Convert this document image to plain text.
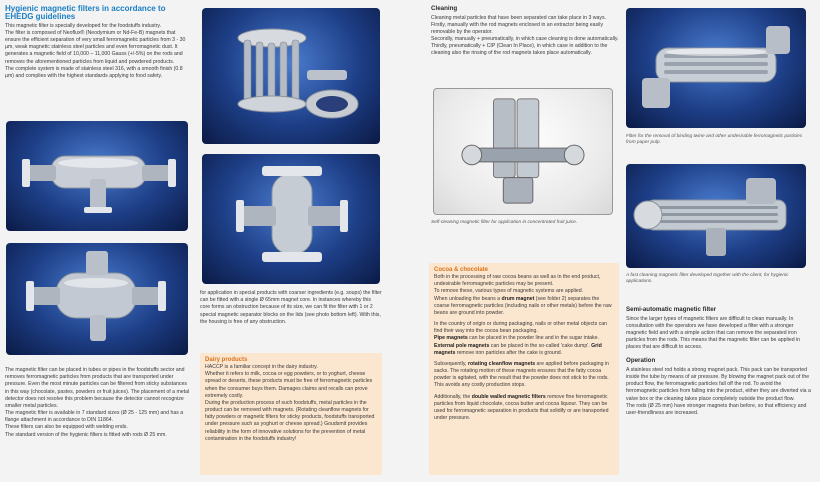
Hygienic magnetic filters in accordance to EHEDG guidelines

This magnetic filter is specially developed for the foodstuffs industry.

The filter is composed of Neoflux® (Neodymium or Nd-Fe-B) magnets that ensure the efficient separation of very small ferromagnetic particles from 3 - 30 µm, weak magnetic stainless steel particles and even ferromagnetic dust. It generates a magnetic field of 10,000 – 11,000 Gauss (+/-5%) on the rods and removes the aforementioned particles from liquid and powdered products.

The complete system is made of stainless steel 316, with a smooth finish (0.8 µm) and complies with the highest standards applying to food safety.

The magnetic filter can be placed in tubes or pipes in the foodstuffs sector and removes ferromagnetic particles from products that are transported under pressure. Even the most minute particles can be filtered from sticky substances in this way (chocolate, pastes, powders or fruit juices). The placement of a metal detector does not resolve this problem because the detector cannot recognize smaller metal particles.

The magnetic filter is available in 7 standard sizes (Ø 25 - 125 mm) and has a flange attachment in accordance to DIN 11864.

These filters can also be equipped with welding ends.

The standard version of the hygienic filters is fitted with rods Ø 25 mm.

for application in special products with coarser ingredients (e.g. soups) the filter can be fitted with a single Ø 65mm magnet core. In instances whereby this core forms an obstruction because of its size, we can fit the filter with 1 or 2 special magnetic separator blocks on the lids (see photo bottom left). With this, the housing is free of any obstruction.

Dairy products

HACCP is a familiar concept in the dairy industry.

Whether it refers to milk, cocoa or egg powders, or to yoghurt, cheese spread or deserts, these products must be free of ferromagnetic particles when the consumer buys them. Damages claims and recalls can prove extremely costly.

During the production process of such foodstuffs, metal particles in the product can be removed with magnets. (Rotating cleanflow magnets for fatty powders or magnetic filters for sticky products, foodstuffs transported under pressure such as yoghurt or cheese spread.) Goudsmit provides reliability in the form of innovative solutions for the prevention of metal contamination in the foodstuffs industry!

Cleaning

Cleaning metal particles that have been separated can take place in 3 ways. Firstly, manually with the rod magnets enclosed in an extractor being easily removable by the operator.

Secondly, manually + pneumatically, in which case cleaning is done automatically. Thirdly, pneumatically + CIP (Clean In Place), in which case in addition to the cleaning also the rinsing of the rod magnets takes place automatically.

Self-cleaning magnetic filter for application in concentrated fruit juice.
Cocoa & chocolate

Both in the processing of raw cocoa beans as well as in the end product, undesirable ferromagnetic particles may be present.

To remove these, various types of magnetic systems are applied.

When unloading the beans a drum magnet (see folder 2) separates the coarse ferromagnetic particles (including nails or other metals) before the raw beans are ground into powder.

In the country of origin or during packaging, nails or other metal objects can find their way into the cocoa bean packaging.

Pipe magnets can be placed in the powder line and in the sugar intake. External pole magnets can be placed in the so-called 'cake dump'. Grid magnets remove iron particles after the cake is ground.

Subsequently, rotating cleanflow magnets are applied before packaging in sacks. The rotating motion of these magnets ensures that the fatty cocoa powder is agitated, with the result that the powder does not stick to the rods. This avoids any costly production stops.

Additionally, the double walled magnetic filters remove fine ferromagnetic particles from liquid chocolate, cocoa butter and cocoa liquour. They can be used for ferromagnetic separation in products that solidify or are transported under pressure.

Filter for the removal of binding twine and other undesirable ferromagnetic particles from paper pulp.
A fast cleaning magnetic filter developed together with the client, for hygienic applications.
Semi-automatic magnetic filter

Since the larger types of magnetic filters are difficult to clean manually. In consultation with the operators we have developed a filter with a stronger magnetic field and with a simple action that can remove the separated iron particles from the rods. This means that the magnetic filter can be applied in places that are difficult to access.

Operation

A stainless steel rod holds a strong magnet pack. This pack can be transported inside the tube by means of air pressure. By blowing the magnet pack out of the product flow, the ferromagnetic particles fall off the rod. To avoid the ferromagnetic particles from falling into the product, either they are diverted via a valve box or the cleaning takes place completely outside the product flow.

The rods (Ø 25 mm) have stronger magnets than before, so that efficiency and user-friendliness are increased.
